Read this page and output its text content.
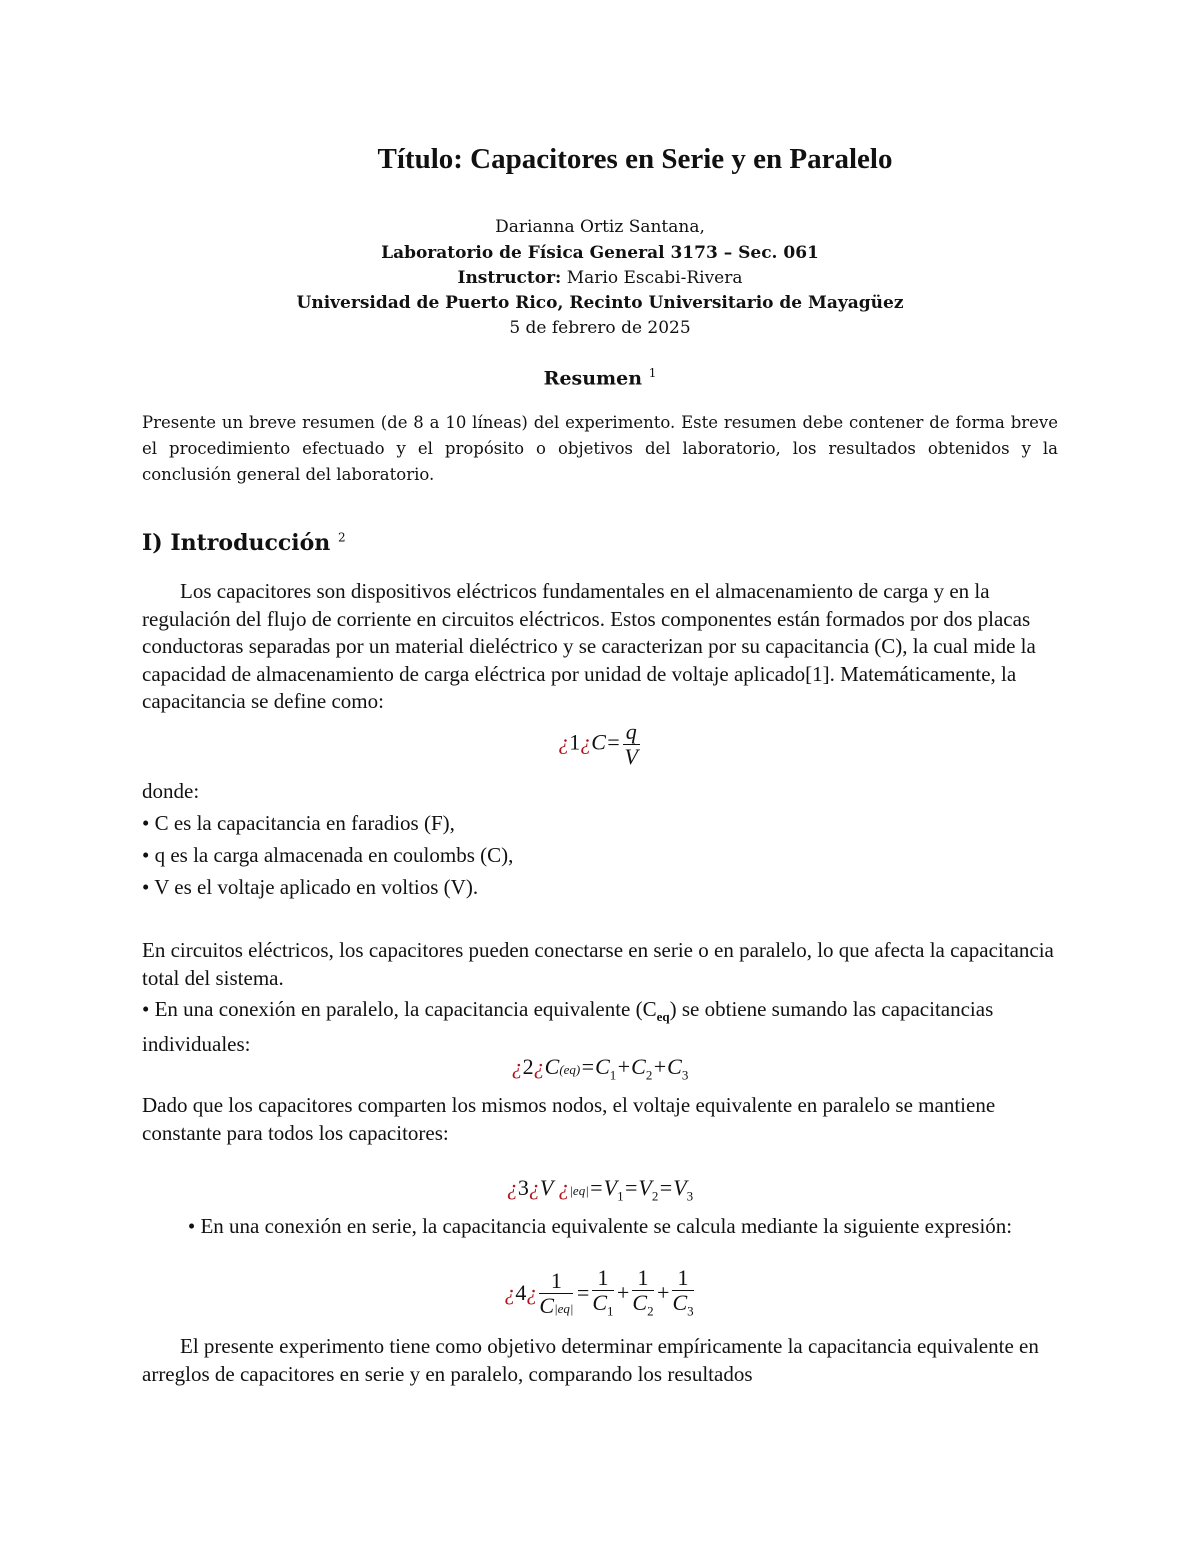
Título: Capacitores en Serie y en Paralelo
Darianna Ortiz Santana,
Laboratorio de Física General 3173 – Sec. 061
Instructor: Mario Escabi-Rivera
Universidad de Puerto Rico, Recinto Universitario de Mayagüez
5 de febrero de 2025
Resumen $^1$
Presente un breve resumen (de 8 a 10 líneas) del experimento. Este resumen debe contener de forma breve el procedimiento efectuado y el propósito o objetivos del laboratorio, los resultados obtenidos y la conclusión general del laboratorio.
I) Introducción $^2$
Los capacitores son dispositivos eléctricos fundamentales en el almacenamiento de carga y en la regulación del flujo de corriente en circuitos eléctricos. Estos componentes están formados por dos placas conductoras separadas por un material dieléctrico y se caracterizan por su capacitancia (C), la cual mide la capacidad de almacenamiento de carga eléctrica por unidad de voltaje aplicado[1]. Matemáticamente, la capacitancia se define como:
¿1¿C= $\frac{q}{V}$
donde:
• C es la capacitancia en faradios (F),
• q es la carga almacenada en coulombs (C),
• V es el voltaje aplicado en voltios (V).
En circuitos eléctricos, los capacitores pueden conectarse en serie o en paralelo, lo que afecta la capacitancia total del sistema.
• En una conexión en paralelo, la capacitancia equivalente $(C_{eq})$ se obtiene sumando las capacitancias individuales:
¿$2¿C(eq)=C_1+C_2+C_3$
Dado que los capacitores comparten los mismos nodos, el voltaje equivalente en paralelo se mantiene constante para todos los capacitores:
¿3¿V ¿$|eq|=V_1=V_2=V_3$
• En una conexión en serie, la capacitancia equivalente se calcula mediante la siguiente expresión:
¿4¿ $\frac{1}{C|eq|} = \frac{1}{C_1} + \frac{1}{C_2} + \frac{1}{C_3}$
El presente experimento tiene como objetivo determinar empíricamente la capacitancia equivalente en arreglos de capacitores en serie y en paralelo, comparando los resultados
